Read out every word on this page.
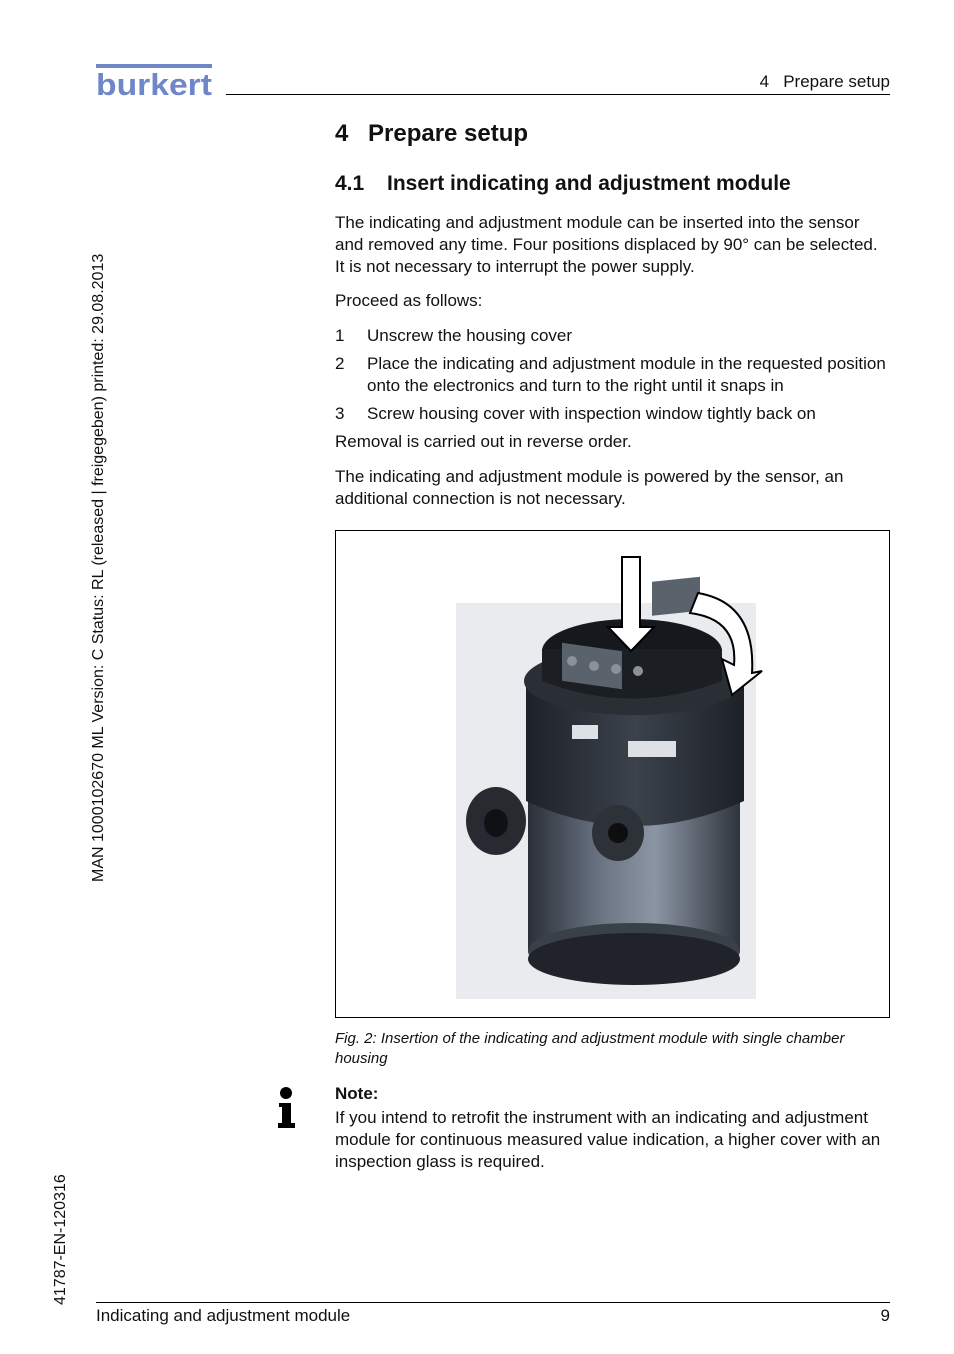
burkert	4   Prepare setup
MAN 1000102670 ML Version: C Status: RL (released | freigegeben) printed: 29.08.2013
41787-EN-120316
4 Prepare setup
4.1 Insert indicating and adjustment module

The indicating and adjustment module can be inserted into the sensor and removed any time. Four positions displaced by 90° can be selected. It is not necessary to interrupt the power supply.

Proceed as follows:

1 Unscrew the housing cover
2 Place the indicating and adjustment module in the requested position onto the electronics and turn to the right until it snaps in
3 Screw housing cover with inspection window tightly back on

Removal is carried out in reverse order.

The indicating and adjustment module is powered by the sensor, an additional connection is not necessary.

Fig. 2: Insertion of the indicating and adjustment module with single chamber housing
Note:
If you intend to retrofit the instrument with an indicating and adjustment module for continuous measured value indication, a higher cover with an inspection glass is required.
Indicating and adjustment module	9
